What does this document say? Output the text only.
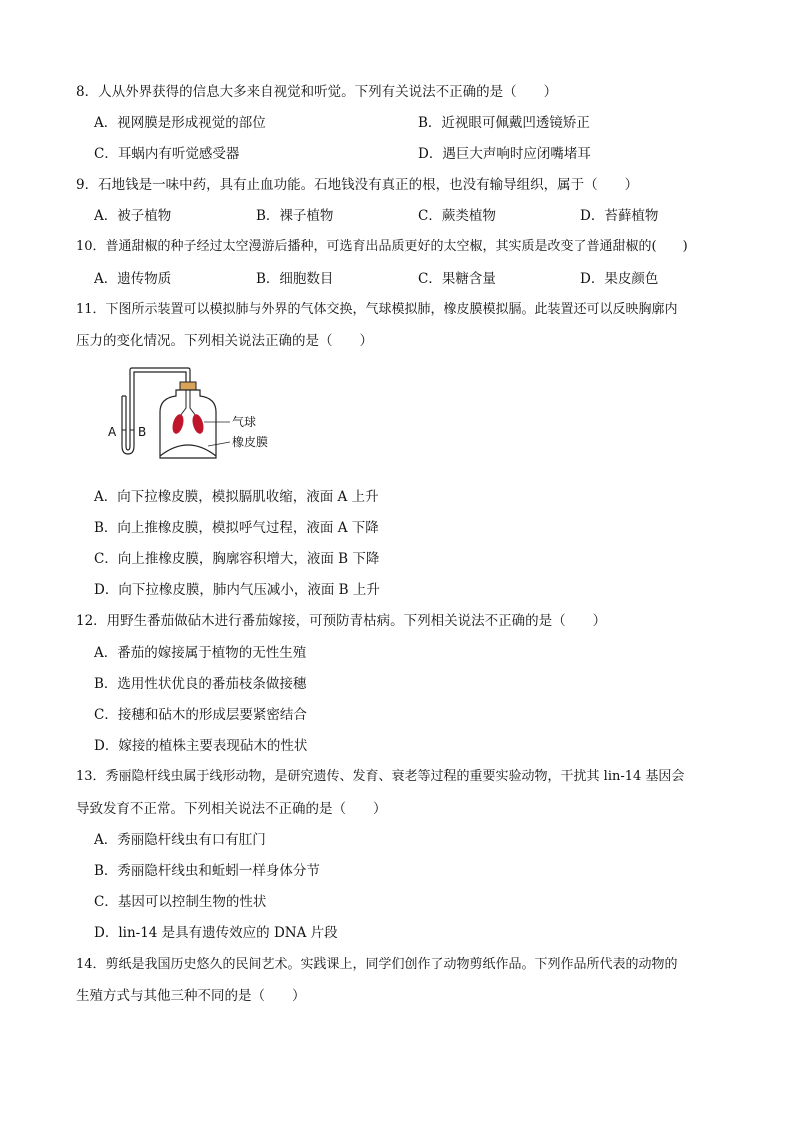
8．人从外界获得的信息大多来自视觉和听觉。下列有关说法不正确的是（　　）
A．视网膜是形成视觉的部位	B．近视眼可佩戴凹透镜矫正
C．耳蜗内有听觉感受器	D．遇巨大声响时应闭嘴堵耳
9．石地钱是一味中药，具有止血功能。石地钱没有真正的根，也没有输导组织，属于（　　）
A．被子植物	B．裸子植物	C．蕨类植物	D．苔藓植物
10．普通甜椒的种子经过太空漫游后播种，可选育出品质更好的太空椒，其实质是改变了普通甜椒的(　　)
A．遗传物质	B．细胞数目	C．果糖含量	D．果皮颜色
11．下图所示装置可以模拟肺与外界的气体交换，气球模拟肺，橡皮膜模拟膈。此装置还可以反映胸廓内
压力的变化情况。下列相关说法正确的是（　　）
A B
气球
橡皮膜
A．向下拉橡皮膜，模拟膈肌收缩，液面 A 上升
B．向上推橡皮膜，模拟呼气过程，液面 A 下降
C．向上推橡皮膜，胸廓容积增大，液面 B 下降
D．向下拉橡皮膜，肺内气压减小，液面 B 上升
12．用野生番茄做砧木进行番茄嫁接，可预防青枯病。下列相关说法不正确的是（　　）
A．番茄的嫁接属于植物的无性生殖
B．选用性状优良的番茄枝条做接穗
C．接穗和砧木的形成层要紧密结合
D．嫁接的植株主要表现砧木的性状
13．秀丽隐杆线虫属于线形动物，是研究遗传、发育、衰老等过程的重要实验动物，干扰其 lin-14 基因会
导致发育不正常。下列相关说法不正确的是（　　）
A．秀丽隐杆线虫有口有肛门
B．秀丽隐杆线虫和蚯蚓一样身体分节
C．基因可以控制生物的性状
D．lin-14 是具有遗传效应的 DNA 片段
14．剪纸是我国历史悠久的民间艺术。实践课上，同学们创作了动物剪纸作品。下列作品所代表的动物的
生殖方式与其他三种不同的是（　　）
